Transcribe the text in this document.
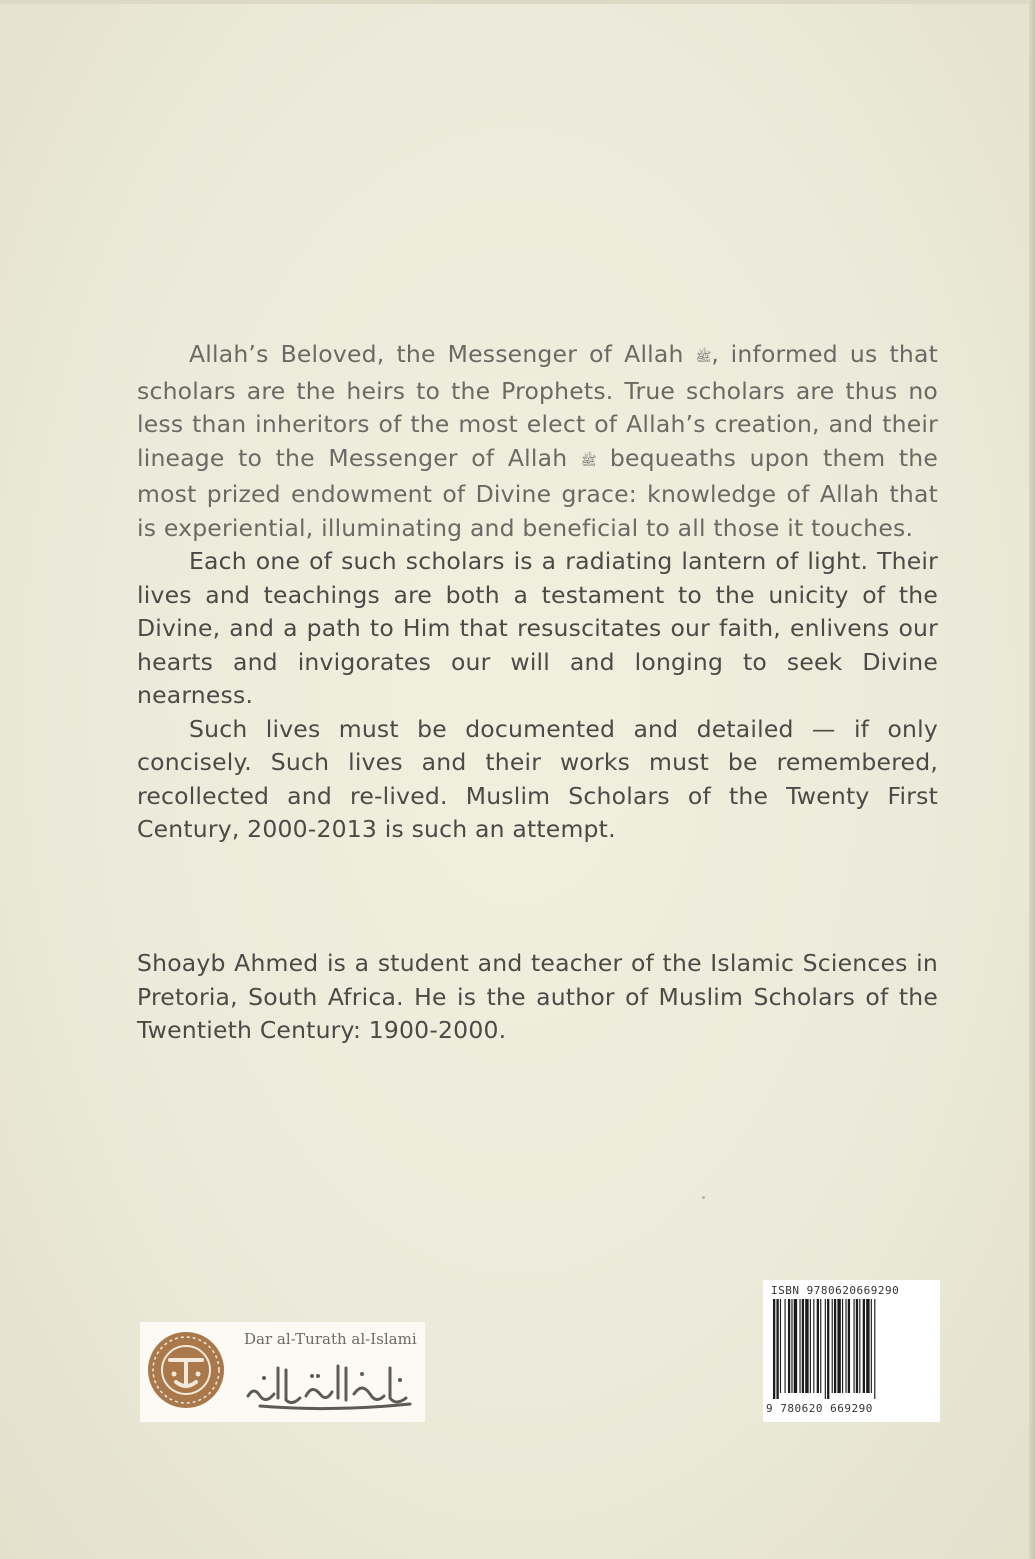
Allah’s Beloved, the Messenger of Allah ﷺ, informed us that scholars are the heirs to the Prophets. True scholars are thus no less than inheritors of the most elect of Allah’s creation, and their lineage to the Messenger of Allah ﷺ bequeaths upon them the most prized endowment of Divine grace: knowledge of Allah that is experiential, illuminating and beneficial to all those it touches.

Each one of such scholars is a radiating lantern of light. Their lives and teachings are both a testament to the unicity of the Divine, and a path to Him that resuscitates our faith, enlivens our hearts and invigorates our will and longing to seek Divine nearness.

Such lives must be documented and detailed — if only concisely. Such lives and their works must be remembered, recollected and re-lived. Muslim Scholars of the Twenty First Century, 2000-2013 is such an attempt.

Shoayb Ahmed is a student and teacher of the Islamic Sciences in Pretoria, South Africa. He is the author of Muslim Scholars of the Twentieth Century: 1900-2000.

Dar al-Turath al-Islami
ISBN 9780620669290
9 780620 669290
